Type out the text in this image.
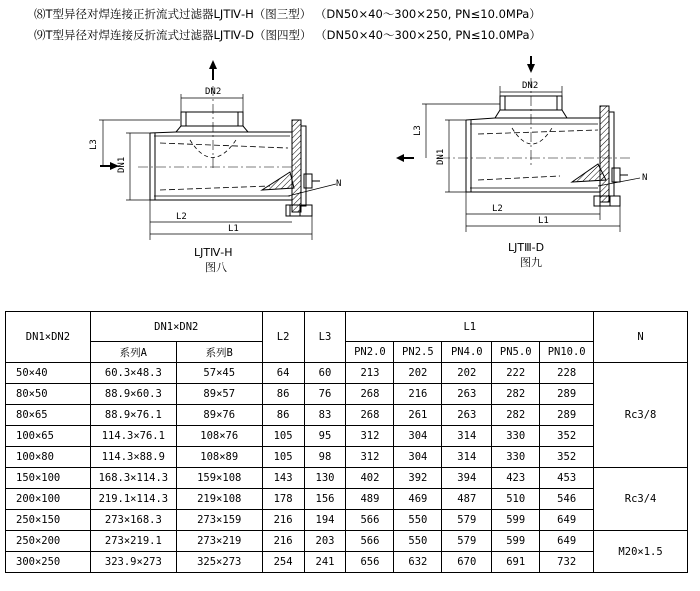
⑻T型异径对焊连接正折流式过滤器LJTⅣ-H（图三型） （DN50×40～300×250, PN≤10.0MPa）
⑼T型异径对焊连接反折流式过滤器LJTⅣ-D（图四型） （DN50×40～300×250, PN≤10.0MPa）
DN2
L3
DN1
L2
L1
N
LJTⅣ-H
图八
DN2
L3
DN1
L2
L1
N
LJTⅢ-D
图九
DN1×DN2	DN1×DN2		L2	L3	L1					N
	系列A	系列B			PN2.0	PN2.5	PN4.0	PN5.0	PN10.0	
50×40	60.3×48.3	57×45	64	60	213	202	202	222	228	Rc3/8
80×50	88.9×60.3	89×57	86	76	268	216	263	282	289	
80×65	88.9×76.1	89×76	86	83	268	261	263	282	289	
100×65	114.3×76.1	108×76	105	95	312	304	314	330	352	
100×80	114.3×88.9	108×89	105	98	312	304	314	330	352	
150×100	168.3×114.3	159×108	143	130	402	392	394	423	453	Rc3/4
200×100	219.1×114.3	219×108	178	156	489	469	487	510	546	
250×150	273×168.3	273×159	216	194	566	550	579	599	649	
250×200	273×219.1	273×219	216	203	566	550	579	599	649	M20×1.5
300×250	323.9×273	325×273	254	241	656	632	670	691	732	
